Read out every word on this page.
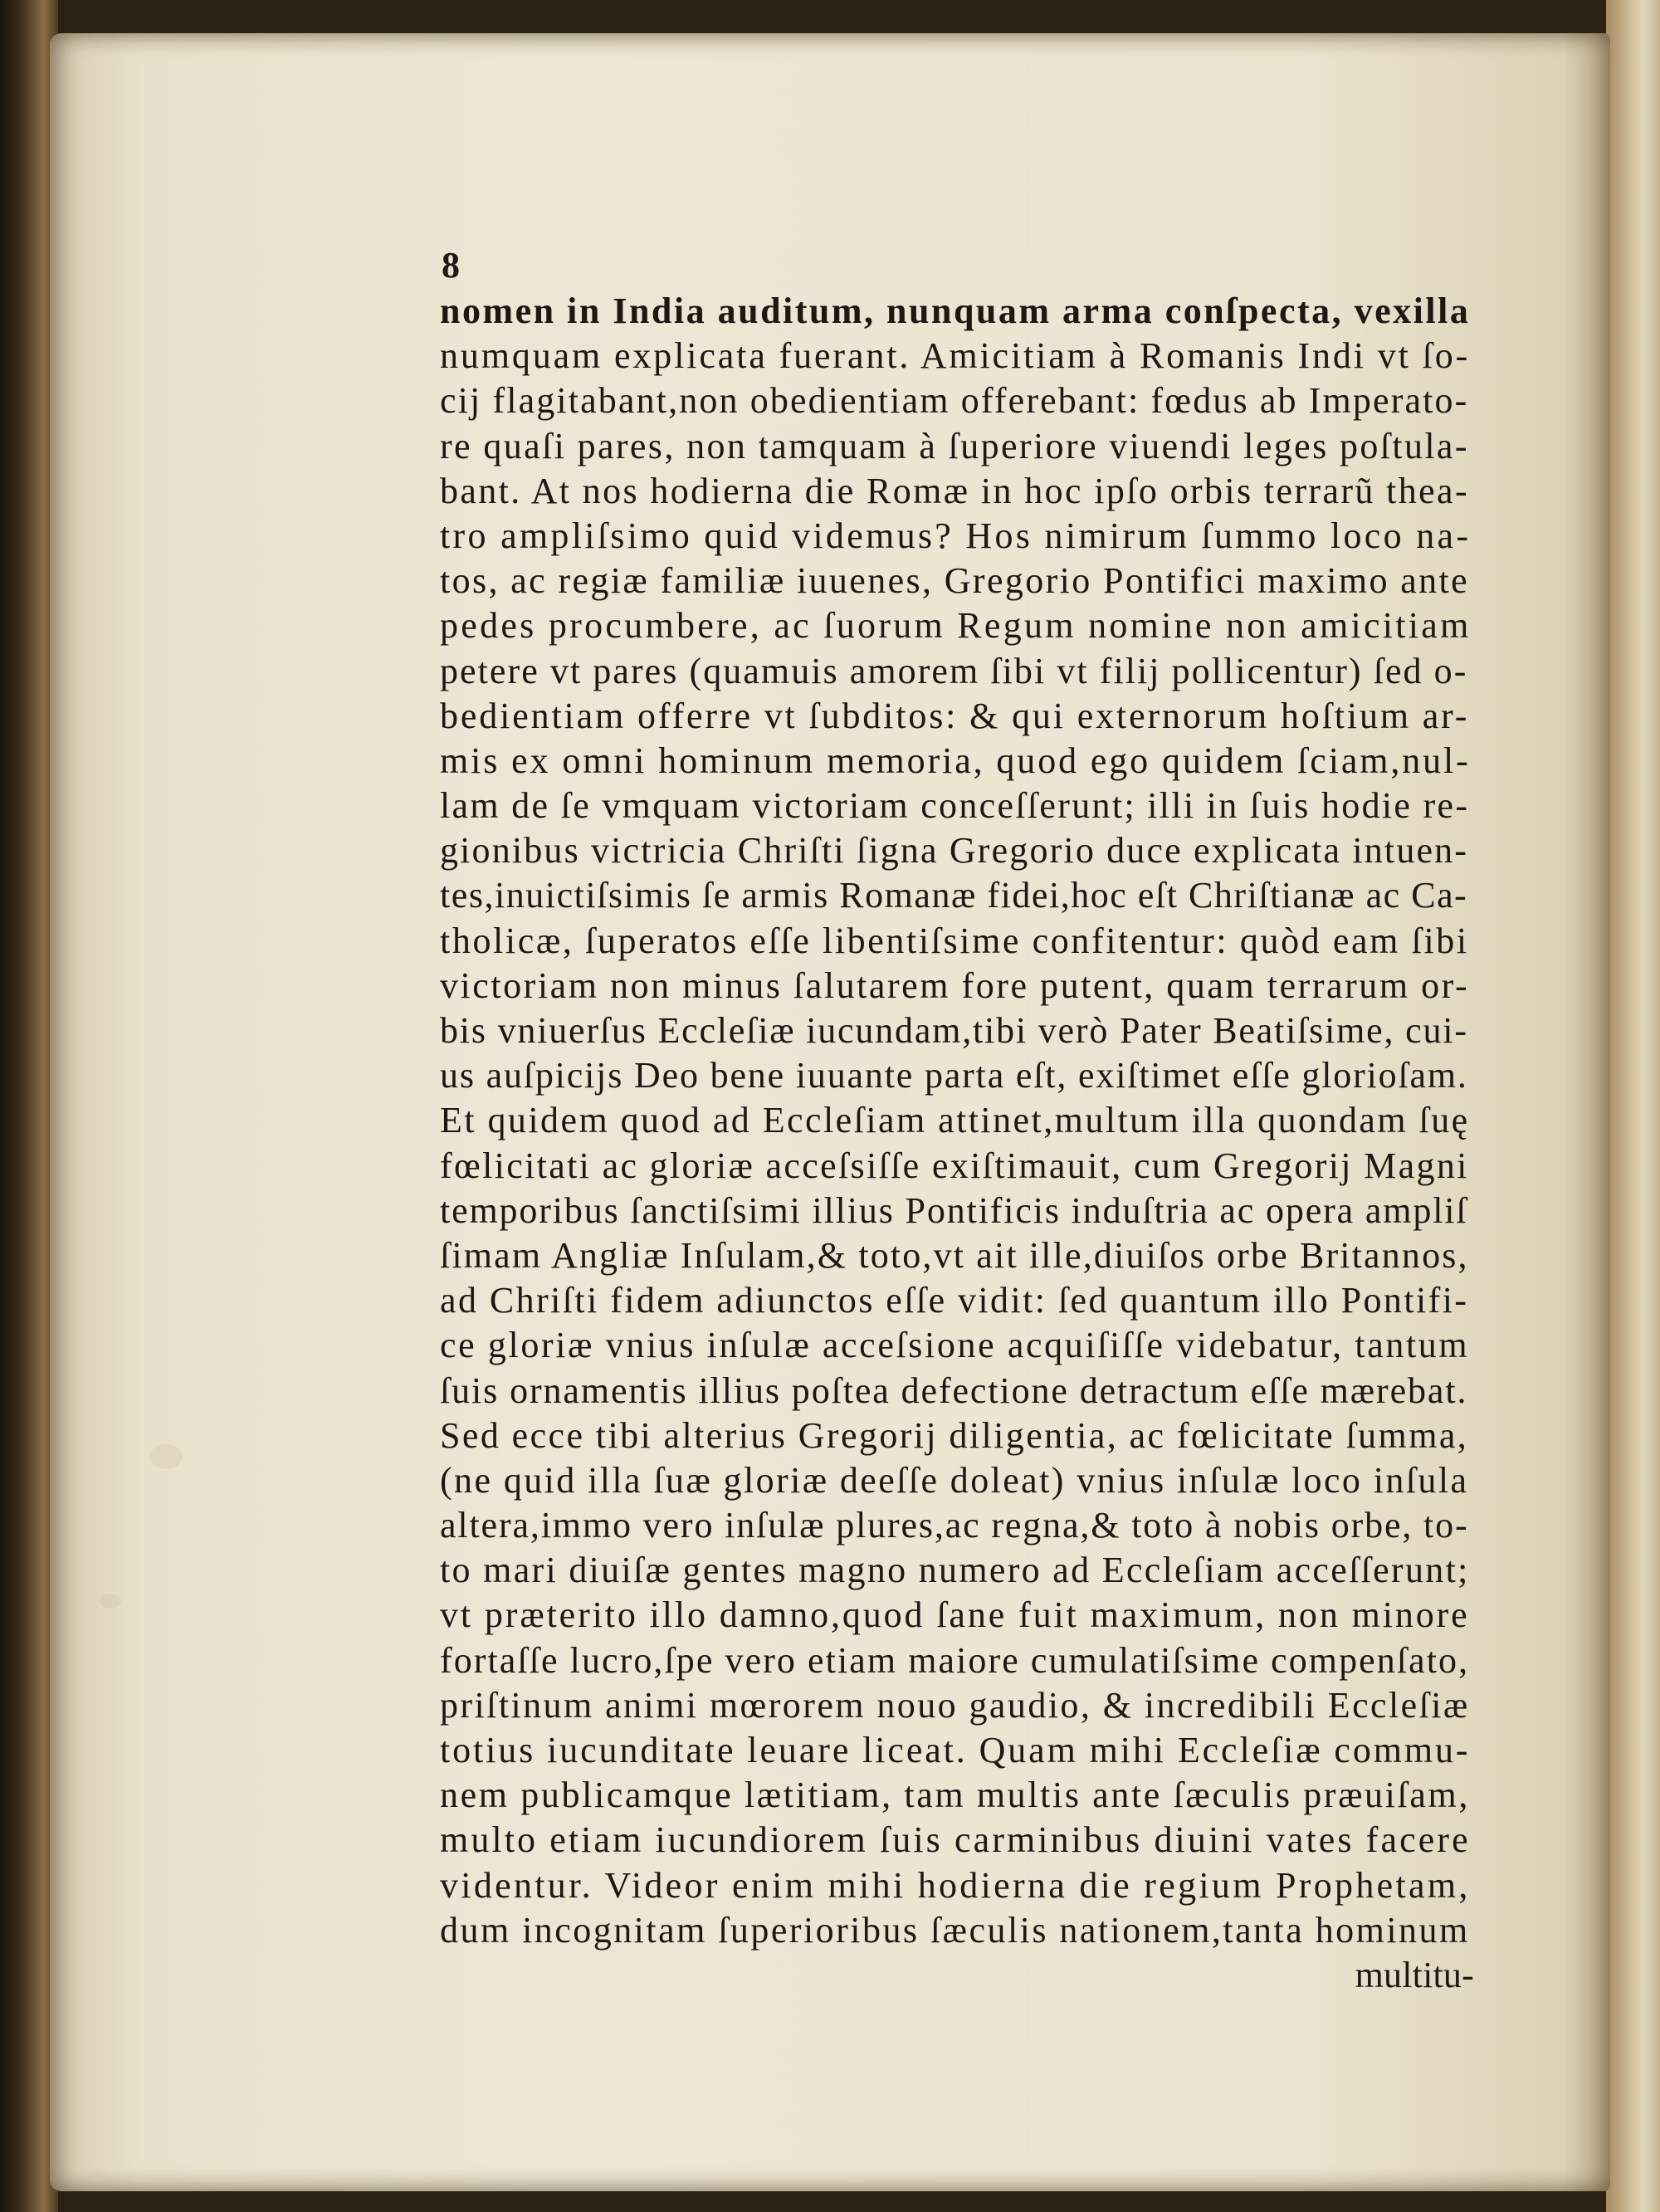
8
nomen in India auditum, nunquam arma conſpecta, vexilla
numquam explicata fuerant. Amicitiam à Romanis Indi vt ſo-
cij flagitabant,non obedientiam offerebant: fœdus ab Imperato-
re quaſi pares, non tamquam à ſuperiore viuendi leges poſtula-
bant. At nos hodierna die Romæ in hoc ipſo orbis terrarũ thea-
tro ampliſsimo quid videmus? Hos nimirum ſummo loco na-
tos, ac regiæ familiæ iuuenes, Gregorio Pontifici maximo ante
pedes procumbere, ac ſuorum Regum nomine non amicitiam
petere vt pares (quamuis amorem ſibi vt filij pollicentur) ſed o-
bedientiam offerre vt ſubditos: & qui externorum hoſtium ar-
mis ex omni hominum memoria, quod ego quidem ſciam,nul-
lam de ſe vmquam victoriam conceſſerunt; illi in ſuis hodie re-
gionibus victricia Chriſti ſigna Gregorio duce explicata intuen-
tes,inuictiſsimis ſe armis Romanæ fidei,hoc eſt Chriſtianæ ac Ca-
tholicæ, ſuperatos eſſe libentiſsime confitentur: quòd eam ſibi
victoriam non minus ſalutarem fore putent, quam terrarum or-
bis vniuerſus Eccleſiæ iucundam,tibi verò Pater Beatiſsime, cui-
us auſpicijs Deo bene iuuante parta eſt, exiſtimet eſſe glorioſam.
Et quidem quod ad Eccleſiam attinet,multum illa quondam ſuę
fœlicitati ac gloriæ acceſsiſſe exiſtimauit, cum Gregorij Magni
temporibus ſanctiſsimi illius Pontificis induſtria ac opera ampliſ
ſimam Angliæ Inſulam,& toto,vt ait ille,diuiſos orbe Britannos,
ad Chriſti fidem adiunctos eſſe vidit: ſed quantum illo Pontifi-
ce gloriæ vnius inſulæ acceſsione acquiſiſſe videbatur, tantum
ſuis ornamentis illius poſtea defectione detractum eſſe mærebat.
Sed ecce tibi alterius Gregorij diligentia, ac fœlicitate ſumma,
(ne quid illa ſuæ gloriæ deeſſe doleat) vnius inſulæ loco inſula
altera,immo vero inſulæ plures,ac regna,& toto à nobis orbe, to-
to mari diuiſæ gentes magno numero ad Eccleſiam acceſſerunt;
vt præterito illo damno,quod ſane fuit maximum, non minore
fortaſſe lucro,ſpe vero etiam maiore cumulatiſsime compenſato,
priſtinum animi mœrorem nouo gaudio, & incredibili Eccleſiæ
totius iucunditate leuare liceat. Quam mihi Eccleſiæ commu-
nem publicamque lætitiam, tam multis ante ſæculis præuiſam,
multo etiam iucundiorem ſuis carminibus diuini vates facere
videntur. Videor enim mihi hodierna die regium Prophetam,
dum incognitam ſuperioribus ſæculis nationem,tanta hominum
multitu-
